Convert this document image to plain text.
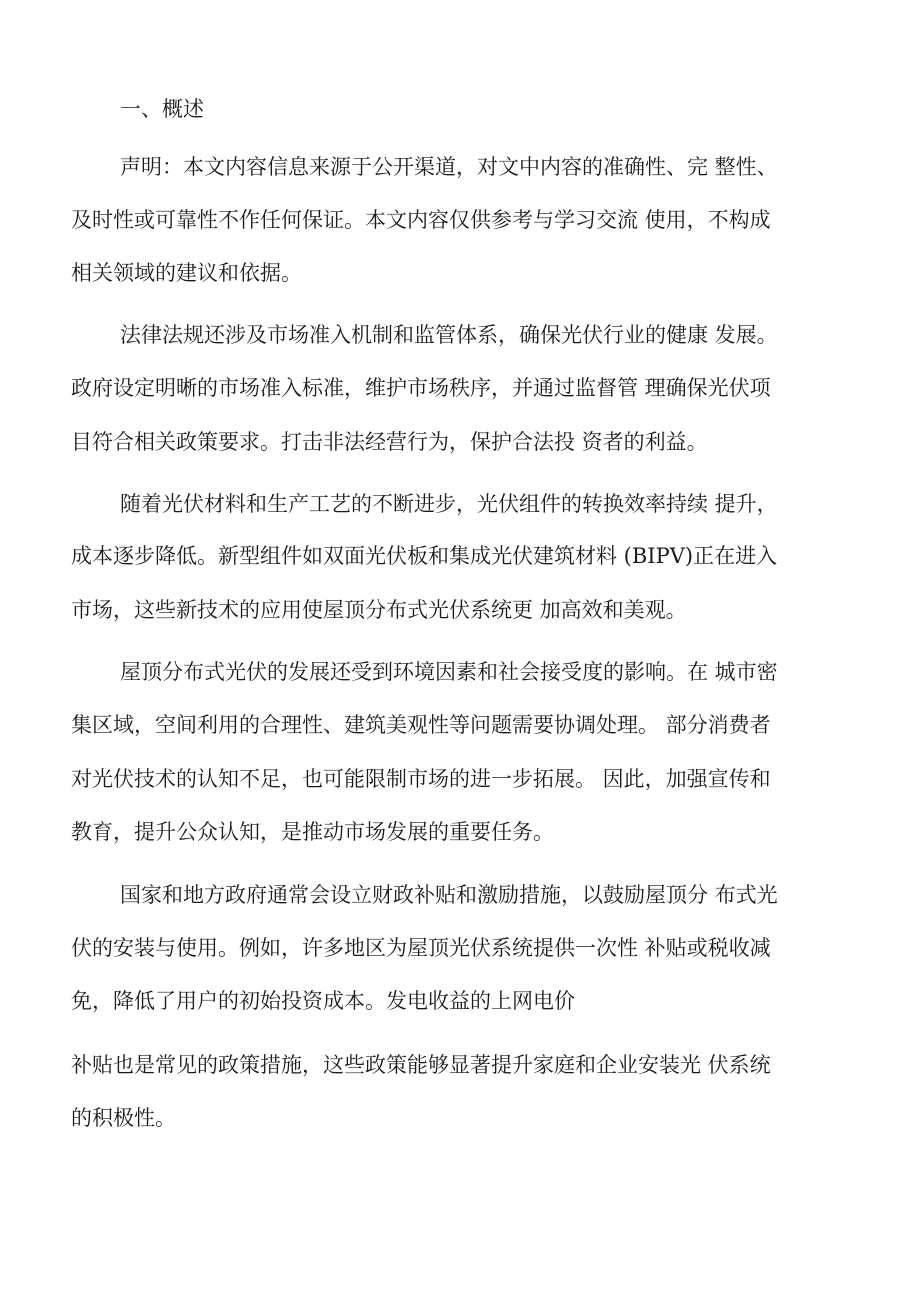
一、概述
声明：本文内容信息来源于公开渠道，对文中内容的准确性、完 整性、
及时性或可靠性不作任何保证。本文内容仅供参考与学习交流 使用，不构成
相关领域的建议和依据。
法律法规还涉及市场准入机制和监管体系，确保光伏行业的健康 发展。
政府设定明晰的市场准入标准，维护市场秩序，并通过监督管 理确保光伏项
目符合相关政策要求。打击非法经营行为，保护合法投 资者的利益。
随着光伏材料和生产工艺的不断进步，光伏组件的转换效率持续 提升，
成本逐步降低。新型组件如双面光伏板和集成光伏建筑材料 (BIPV)正在进入
市场，这些新技术的应用使屋顶分布式光伏系统更 加高效和美观。
屋顶分布式光伏的发展还受到环境因素和社会接受度的影响。在 城市密
集区域，空间利用的合理性、建筑美观性等问题需要协调处理。 部分消费者
对光伏技术的认知不足，也可能限制市场的进一步拓展。 因此，加强宣传和
教育，提升公众认知，是推动市场发展的重要任务。
国家和地方政府通常会设立财政补贴和激励措施，以鼓励屋顶分 布式光
伏的安装与使用。例如，许多地区为屋顶光伏系统提供一次性 补贴或税收减
免，降低了用户的初始投资成本。发电收益的上网电价
补贴也是常见的政策措施，这些政策能够显著提升家庭和企业安装光 伏系统
的积极性。
